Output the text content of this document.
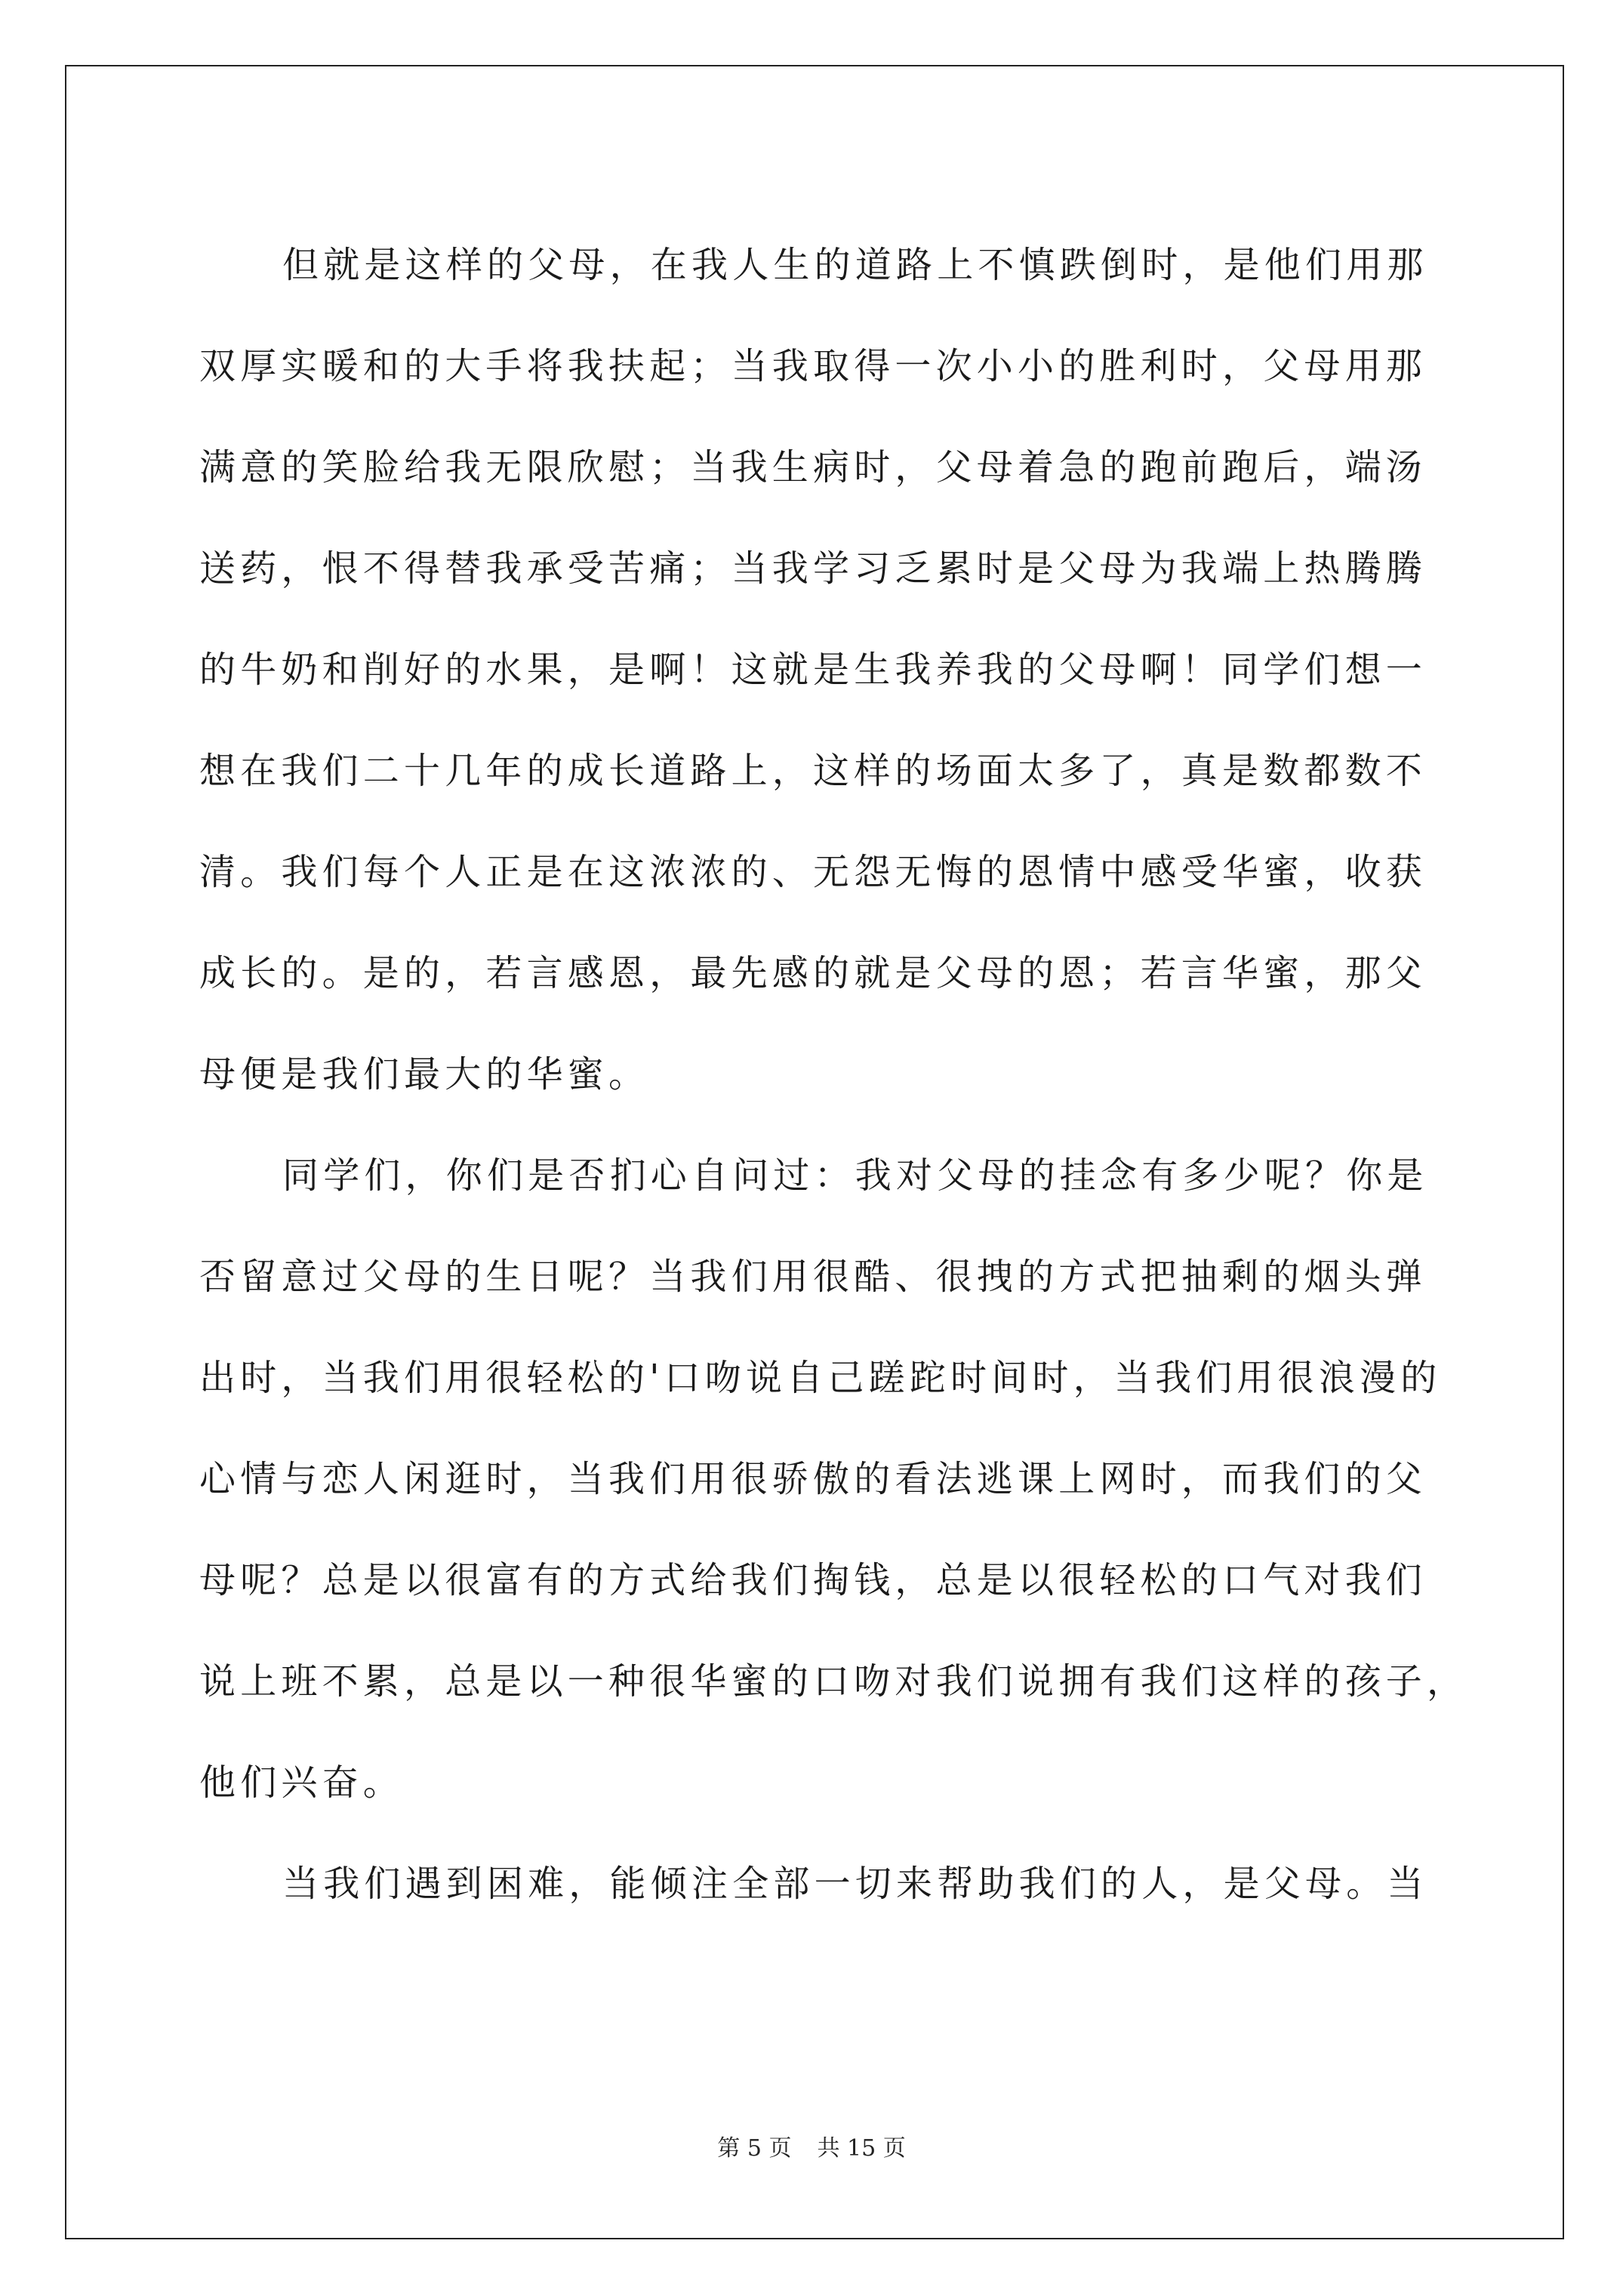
但就是这样的父母，在我人生的道路上不慎跌倒时，是他们用那
双厚实暖和的大手将我扶起；当我取得一次小小的胜利时，父母用那
满意的笑脸给我无限欣慰；当我生病时，父母着急的跑前跑后，端汤
送药，恨不得替我承受苦痛；当我学习乏累时是父母为我端上热腾腾
的牛奶和削好的水果，是啊！这就是生我养我的父母啊！同学们想一
想在我们二十几年的成长道路上，这样的场面太多了，真是数都数不
清。我们每个人正是在这浓浓的、无怨无悔的恩情中感受华蜜，收获
成长的。是的，若言感恩，最先感的就是父母的恩；若言华蜜，那父
母便是我们最大的华蜜。
同学们，你们是否扪心自问过：我对父母的挂念有多少呢？你是
否留意过父母的生日呢？当我们用很酷、很拽的方式把抽剩的烟头弹
出时，当我们用很轻松的'口吻说自己蹉跎时间时，当我们用很浪漫的
心情与恋人闲逛时，当我们用很骄傲的看法逃课上网时，而我们的父
母呢？总是以很富有的方式给我们掏钱，总是以很轻松的口气对我们
说上班不累，总是以一种很华蜜的口吻对我们说拥有我们这样的孩子，
他们兴奋。
当我们遇到困难，能倾注全部一切来帮助我们的人，是父母。当
第 5 页 共 15 页
